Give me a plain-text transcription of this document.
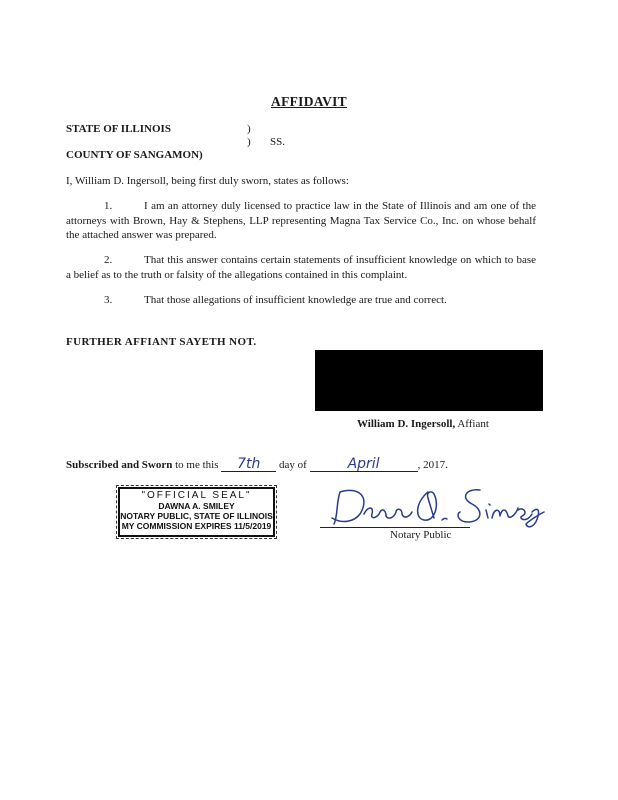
AFFIDAVIT
STATE OF ILLINOIS	)
) SS.
COUNTY OF SANGAMON)
I, William D. Ingersoll, being first duly sworn, states as follows:
1.	I am an attorney duly licensed to practice law in the State of Illinois and am one of the attorneys with Brown, Hay & Stephens, LLP representing Magna Tax Service Co., Inc. on whose behalf the attached answer was prepared.
2.	That this answer contains certain statements of insufficient knowledge on which to base a belief as to the truth or falsity of the allegations contained in this complaint.
3.	That those allegations of insufficient knowledge are true and correct.
FURTHER AFFIANT SAYETH NOT.
William D. Ingersoll, Affiant
Subscribed and Sworn to me this 7th day of	April	, 2017.
"OFFICIAL SEAL"
DAWNA A. SMILEY
NOTARY PUBLIC, STATE OF ILLINOIS
MY COMMISSION EXPIRES 11/5/2019
Notary Public
